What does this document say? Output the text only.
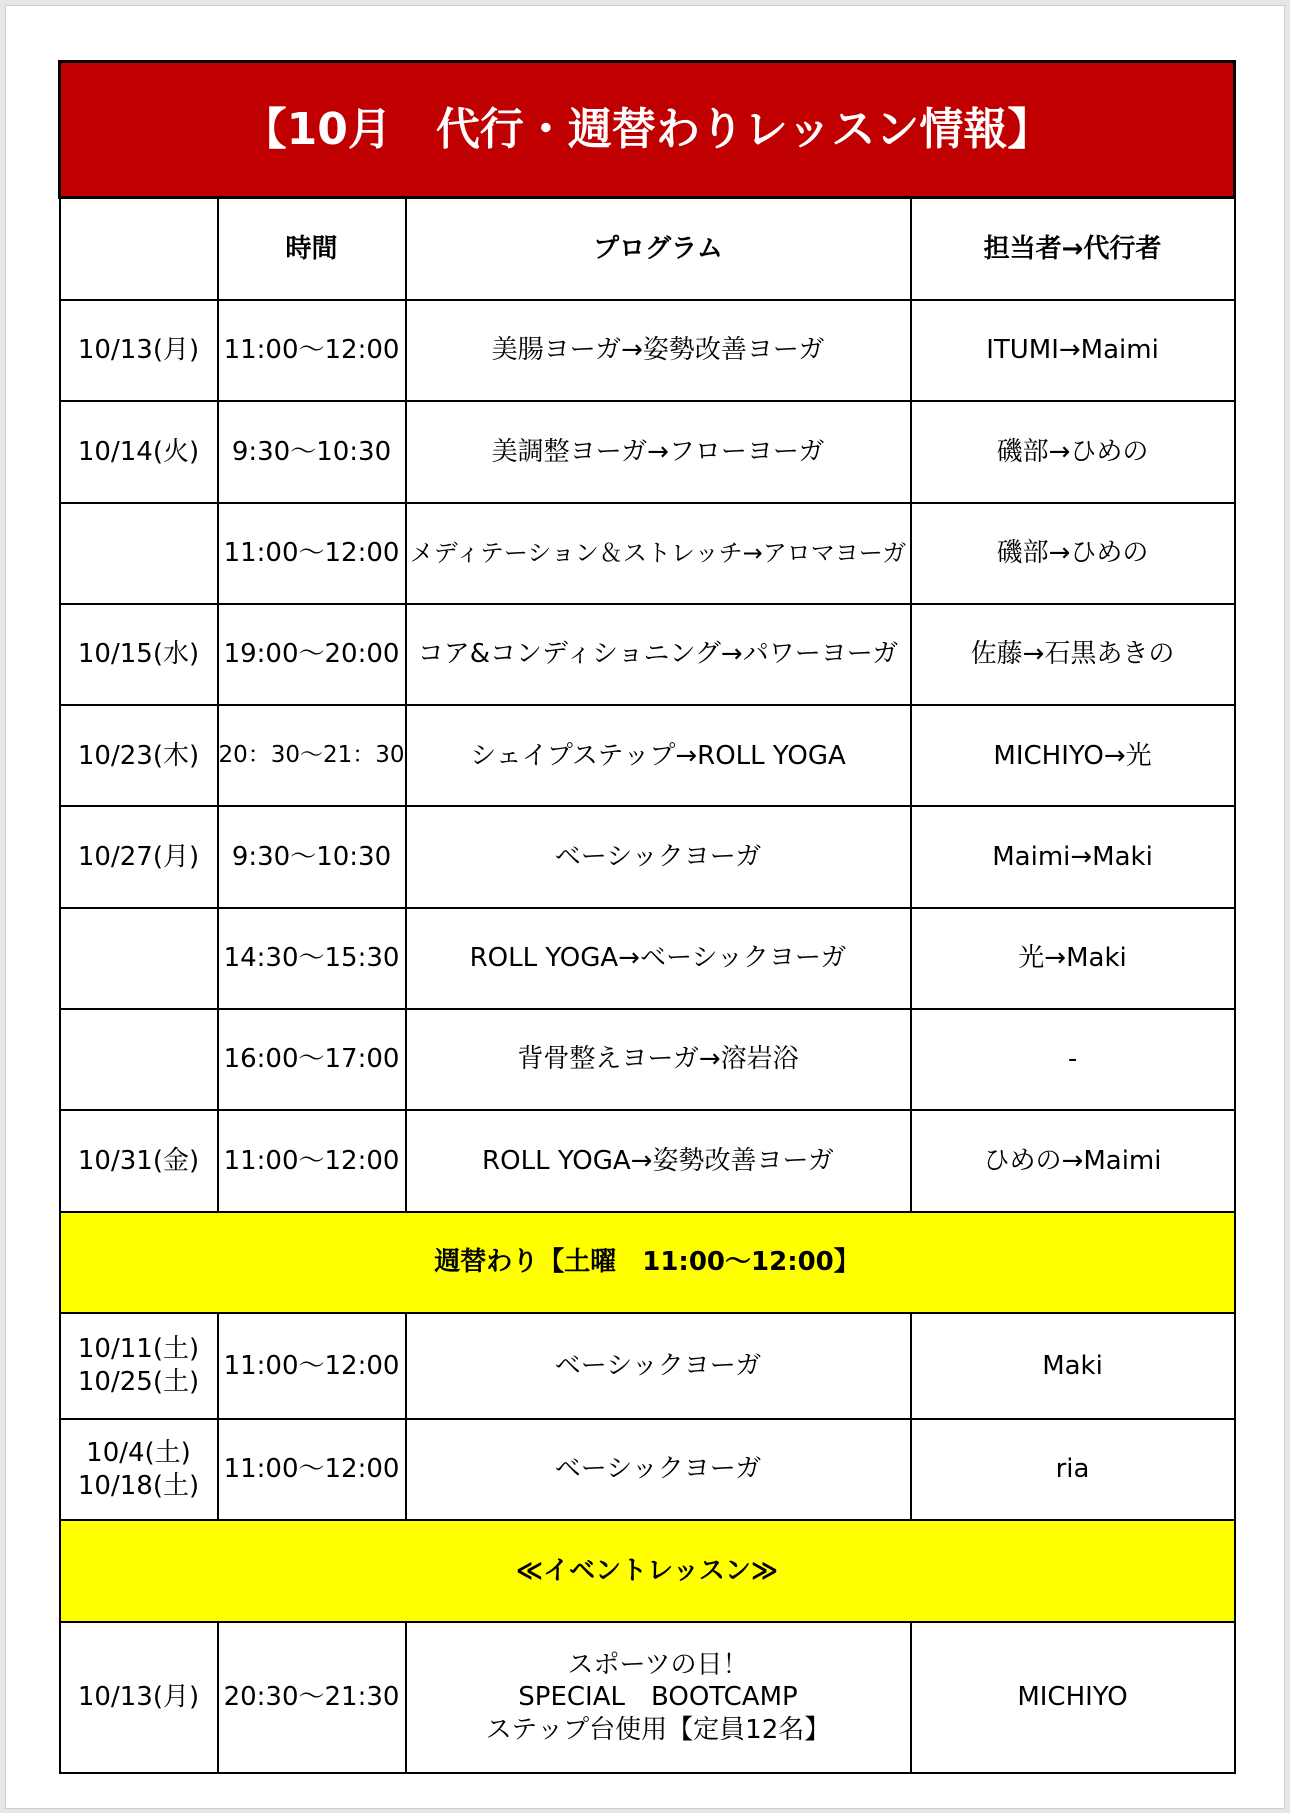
【10月　代行・週替わりレッスン情報】			
	時間	プログラム	担当者→代行者
10/13(月)	11:00〜12:00	美腸ヨーガ→姿勢改善ヨーガ	ITUMI→Maimi
10/14(火)	9:30〜10:30	美調整ヨーガ→フローヨーガ	磯部→ひめの
	11:00〜12:00	メディテーション＆ストレッチ→アロマヨーガ	磯部→ひめの
10/15(水)	19:00〜20:00	コア&コンディショニング→パワーヨーガ	佐藤→石黒あきの
10/23(木)	20：30〜21：30	シェイプステップ→ROLL YOGA	MICHIYO→光
10/27(月)	9:30〜10:30	ベーシックヨーガ	Maimi→Maki
	14:30〜15:30	ROLL YOGA→ベーシックヨーガ	光→Maki
	16:00〜17:00	背骨整えヨーガ→溶岩浴	-
10/31(金)	11:00〜12:00	ROLL YOGA→姿勢改善ヨーガ	ひめの→Maimi
週替わり【土曜　11:00〜12:00】			

10/11(土)
10/25(土)	11:00〜12:00	ベーシックヨーガ	Maki

10/4(土)
10/18(土)	11:00〜12:00	ベーシックヨーガ	ria
≪イベントレッスン≫			
10/13(月)	20:30〜21:30	スポーツの日！
SPECIAL　BOOTCAMP
ステップ台使用【定員12名】	MICHIYO
